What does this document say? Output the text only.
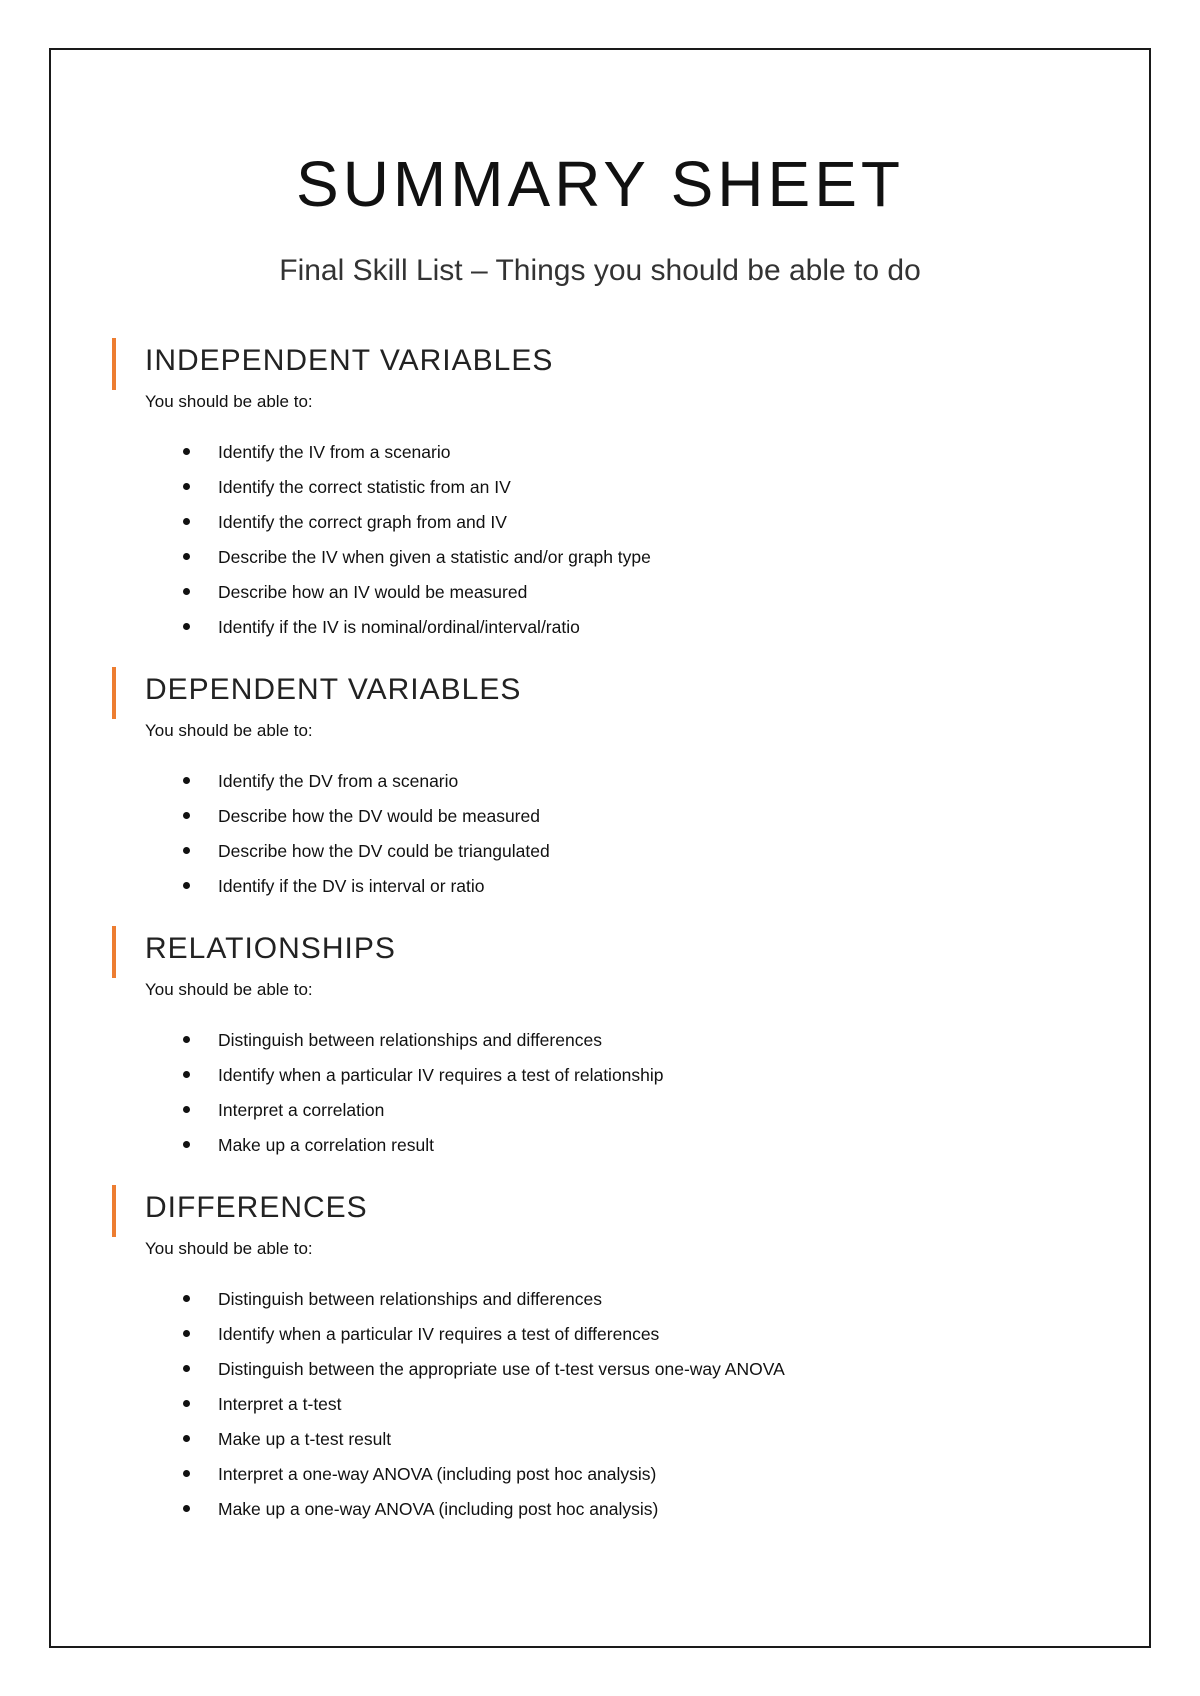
SUMMARY SHEET

Final Skill List – Things you should be able to do

INDEPENDENT VARIABLES

You should be able to:

Identify the IV from a scenario
Identify the correct statistic from an IV
Identify the correct graph from and IV
Describe the IV when given a statistic and/or graph type
Describe how an IV would be measured
Identify if the IV is nominal/ordinal/interval/ratio
DEPENDENT VARIABLES

You should be able to:

Identify the DV from a scenario
Describe how the DV would be measured
Describe how the DV could be triangulated
Identify if the DV is interval or ratio
RELATIONSHIPS

You should be able to:

Distinguish between relationships and differences
Identify when a particular IV requires a test of relationship
Interpret a correlation
Make up a correlation result
DIFFERENCES

You should be able to:

Distinguish between relationships and differences
Identify when a particular IV requires a test of differences
Distinguish between the appropriate use of t-test versus one-way ANOVA
Interpret a t-test
Make up a t-test result
Interpret a one-way ANOVA (including post hoc analysis)
Make up a one-way ANOVA (including post hoc analysis)
